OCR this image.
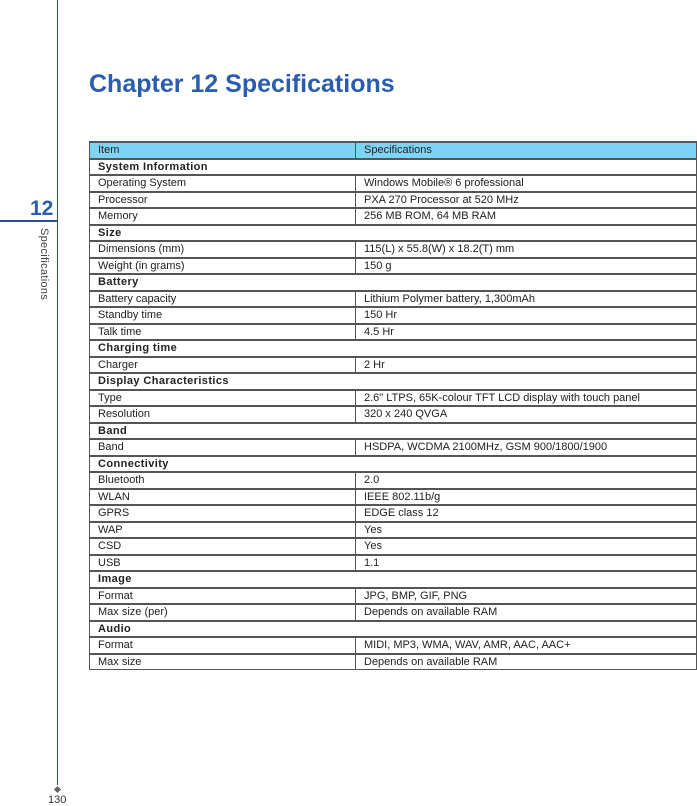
12
Specifications
130
Chapter 12 Specifications
Item	Specifications
System Information	
Operating System	Windows Mobile® 6 professional
Processor	PXA 270 Processor at 520 MHz
Memory	256 MB ROM, 64 MB RAM
Size	
Dimensions (mm)	115(L) x 55.8(W) x 18.2(T) mm
Weight (in grams)	150 g
Battery	
Battery capacity	Lithium Polymer battery, 1,300mAh
Standby time	150 Hr
Talk time	4.5 Hr
Charging time	
Charger	2 Hr
Display Characteristics	
Type	2.6" LTPS, 65K-colour TFT LCD display with touch panel
Resolution	320 x 240 QVGA
Band	
Band	HSDPA, WCDMA 2100MHz, GSM 900/1800/1900
Connectivity	
Bluetooth	2.0
WLAN	IEEE 802.11b/g
GPRS	EDGE class 12
WAP	Yes
CSD	Yes
USB	1.1
Image	
Format	JPG, BMP, GIF, PNG
Max size (per)	Depends on available RAM
Audio	
Format	MIDI, MP3, WMA, WAV, AMR, AAC, AAC+
Max size	Depends on available RAM
